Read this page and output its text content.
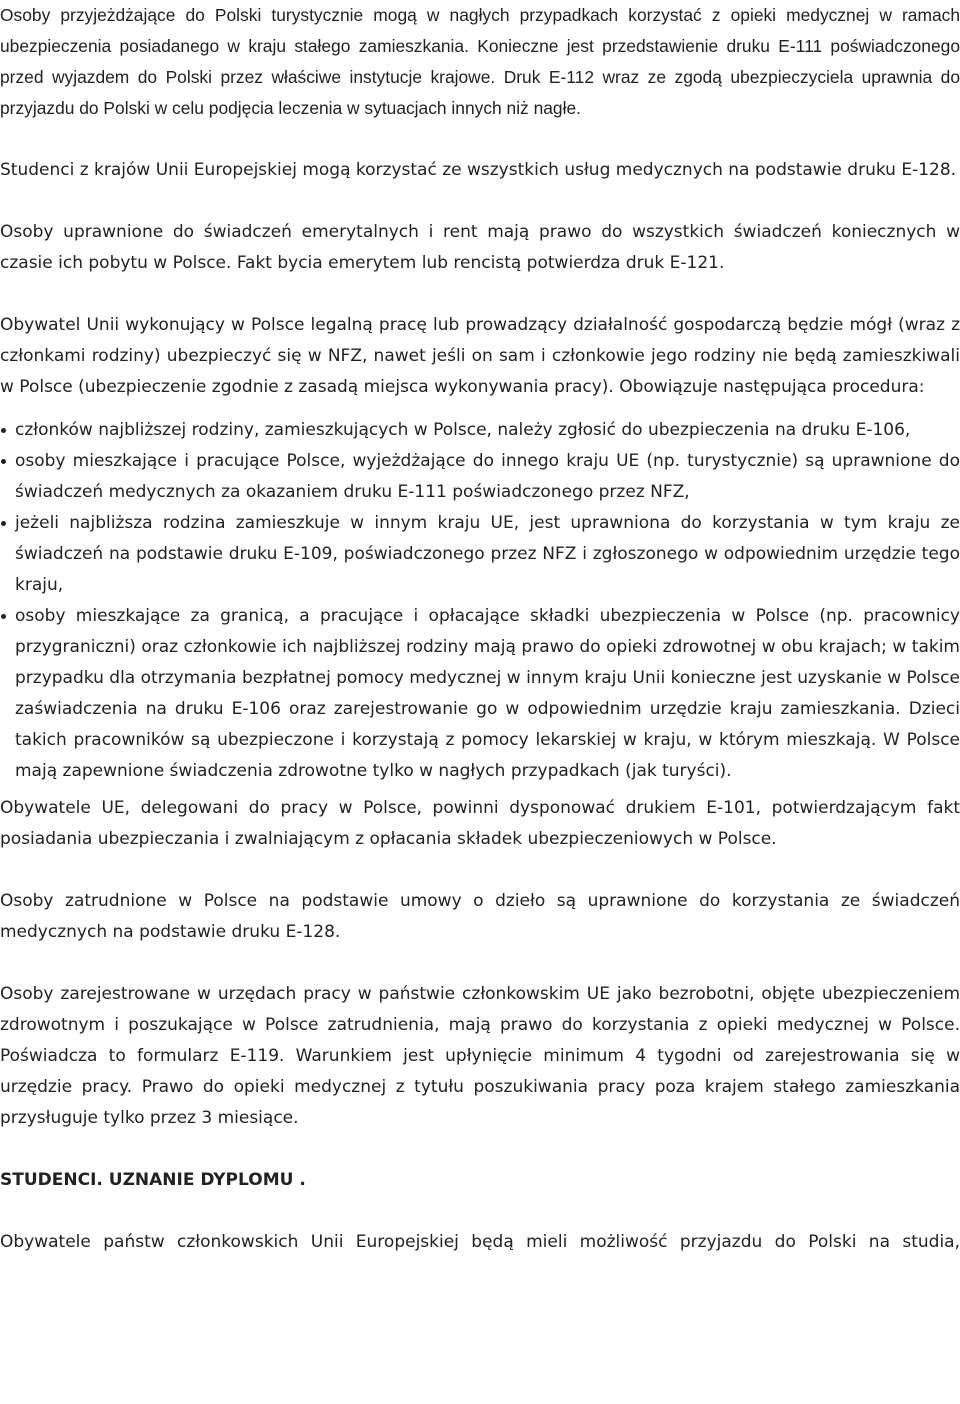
Osoby przyjeżdżające do Polski turystycznie mogą w nagłych przypadkach korzystać z opieki medycznej w ramach ubezpieczenia posiadanego w kraju stałego zamieszkania. Konieczne jest przedstawienie druku E-111 poświadczonego przed wyjazdem do Polski przez właściwe instytucje krajowe. Druk E-112 wraz ze zgodą ubezpieczyciela uprawnia do przyjazdu do Polski w celu podjęcia leczenia w sytuacjach innych niż nagłe.

Studenci z krajów Unii Europejskiej mogą korzystać ze wszystkich usług medycznych na podstawie druku E-128.

Osoby uprawnione do świadczeń emerytalnych i rent mają prawo do wszystkich świadczeń koniecznych w czasie ich pobytu w Polsce. Fakt bycia emerytem lub rencistą potwierdza druk E-121.

Obywatel Unii wykonujący w Polsce legalną pracę lub prowadzący działalność gospodarczą będzie mógł (wraz z członkami rodziny) ubezpieczyć się w NFZ, nawet jeśli on sam i członkowie jego rodziny nie będą zamieszkiwali w Polsce (ubezpieczenie zgodnie z zasadą miejsca wykonywania pracy). Obowiązuje następująca procedura:

członków najbliższej rodziny, zamieszkujących w Polsce, należy zgłosić do ubezpieczenia na druku E-106,
osoby mieszkające i pracujące Polsce, wyjeżdżające do innego kraju UE (np. turystycznie) są uprawnione do świadczeń medycznych za okazaniem druku E-111 poświadczonego przez NFZ,
jeżeli najbliższa rodzina zamieszkuje w innym kraju UE, jest uprawniona do korzystania w tym kraju ze świadczeń na podstawie druku E-109, poświadczonego przez NFZ i zgłoszonego w odpowiednim urzędzie tego kraju,
osoby mieszkające za granicą, a pracujące i opłacające składki ubezpieczenia w Polsce (np. pracownicy przygraniczni) oraz członkowie ich najbliższej rodziny mają prawo do opieki zdrowotnej w obu krajach; w takim przypadku dla otrzymania bezpłatnej pomocy medycznej w innym kraju Unii konieczne jest uzyskanie w Polsce zaświadczenia na druku E-106 oraz zarejestrowanie go w odpowiednim urzędzie kraju zamieszkania. Dzieci takich pracowników są ubezpieczone i korzystają z pomocy lekarskiej w kraju, w którym mieszkają. W Polsce mają zapewnione świadczenia zdrowotne tylko w nagłych przypadkach (jak turyści).

Obywatele UE, delegowani do pracy w Polsce, powinni dysponować drukiem E-101, potwierdzającym fakt posiadania ubezpieczania i zwalniającym z opłacania składek ubezpieczeniowych w Polsce.

Osoby zatrudnione w Polsce na podstawie umowy o dzieło są uprawnione do korzystania ze świadczeń medycznych na podstawie druku E-128.

Osoby zarejestrowane w urzędach pracy w państwie członkowskim UE jako bezrobotni, objęte ubezpieczeniem zdrowotnym i poszukające w Polsce zatrudnienia, mają prawo do korzystania z opieki medycznej w Polsce. Poświadcza to formularz E-119. Warunkiem jest upłynięcie minimum 4 tygodni od zarejestrowania się w urzędzie pracy. Prawo do opieki medycznej z tytułu poszukiwania pracy poza krajem stałego zamieszkania przysługuje tylko przez 3 miesiące.

STUDENCI. UZNANIE DYPLOMU .

Obywatele państw członkowskich Unii Europejskiej będą mieli możliwość przyjazdu do Polski na studia,
